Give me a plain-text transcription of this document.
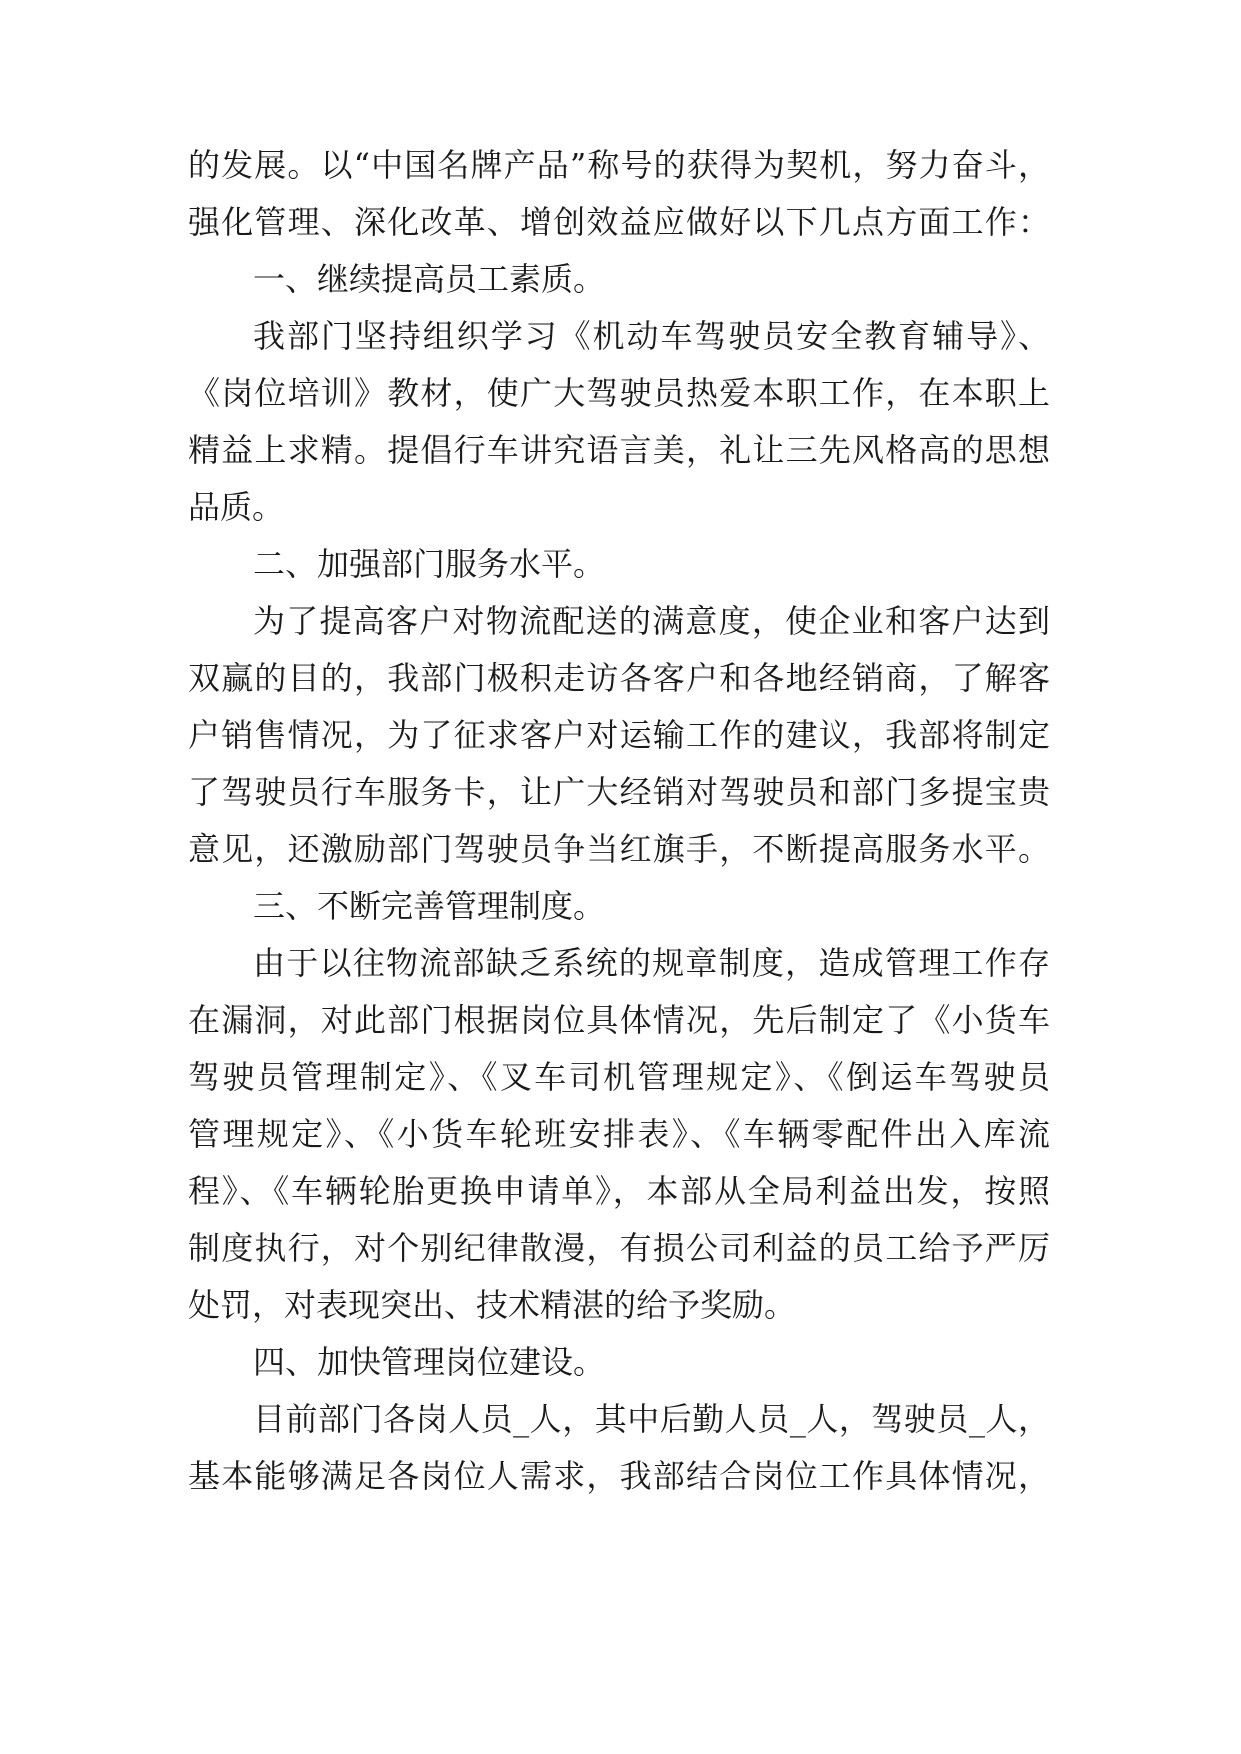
的发展。以“中国名牌产品”称号的获得为契机，努力奋斗，
强化管理、深化改革、增创效益应做好以下几点方面工作：
一、继续提高员工素质。
我部门坚持组织学习《机动车驾驶员安全教育辅导》、
《岗位培训》教材，使广大驾驶员热爱本职工作，在本职上
精益上求精。提倡行车讲究语言美，礼让三先风格高的思想
品质。
二、加强部门服务水平。
为了提高客户对物流配送的满意度，使企业和客户达到
双赢的目的，我部门极积走访各客户和各地经销商，了解客
户销售情况，为了征求客户对运输工作的建议，我部将制定
了驾驶员行车服务卡，让广大经销对驾驶员和部门多提宝贵
意见，还激励部门驾驶员争当红旗手，不断提高服务水平。
三、不断完善管理制度。
由于以往物流部缺乏系统的规章制度，造成管理工作存
在漏洞，对此部门根据岗位具体情况，先后制定了《小货车
驾驶员管理制定》、《叉车司机管理规定》、《倒运车驾驶员
管理规定》、《小货车轮班安排表》、《车辆零配件出入库流
程》、《车辆轮胎更换申请单》，本部从全局利益出发，按照
制度执行，对个别纪律散漫，有损公司利益的员工给予严厉
处罚，对表现突出、技术精湛的给予奖励。
四、加快管理岗位建设。
目前部门各岗人员_人，其中后勤人员_人，驾驶员_人，
基本能够满足各岗位人需求，我部结合岗位工作具体情况，
